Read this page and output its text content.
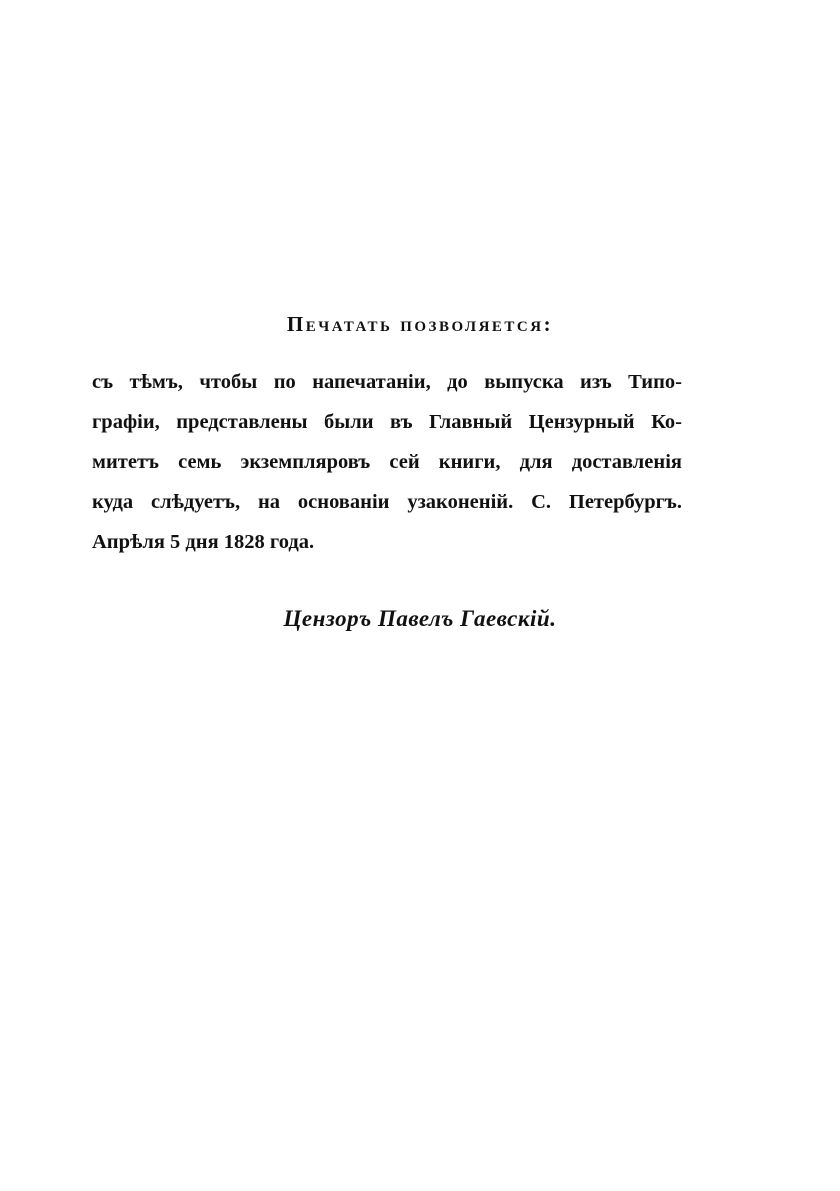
Печатать позволяется:
съ тѣмъ, чтобы по напечатанiи, до выпуска изъ Типо-
графiи, представлены были въ Главный Цензурный Ко-
митетъ семь экземпляровъ сей книги, для доставленiя
куда слѣдуетъ, на основанiи узаконенiй. С. Петербургъ.
Апрѣля 5 дня 1828 года.
Цензоръ Павелъ Гаевскiй.
